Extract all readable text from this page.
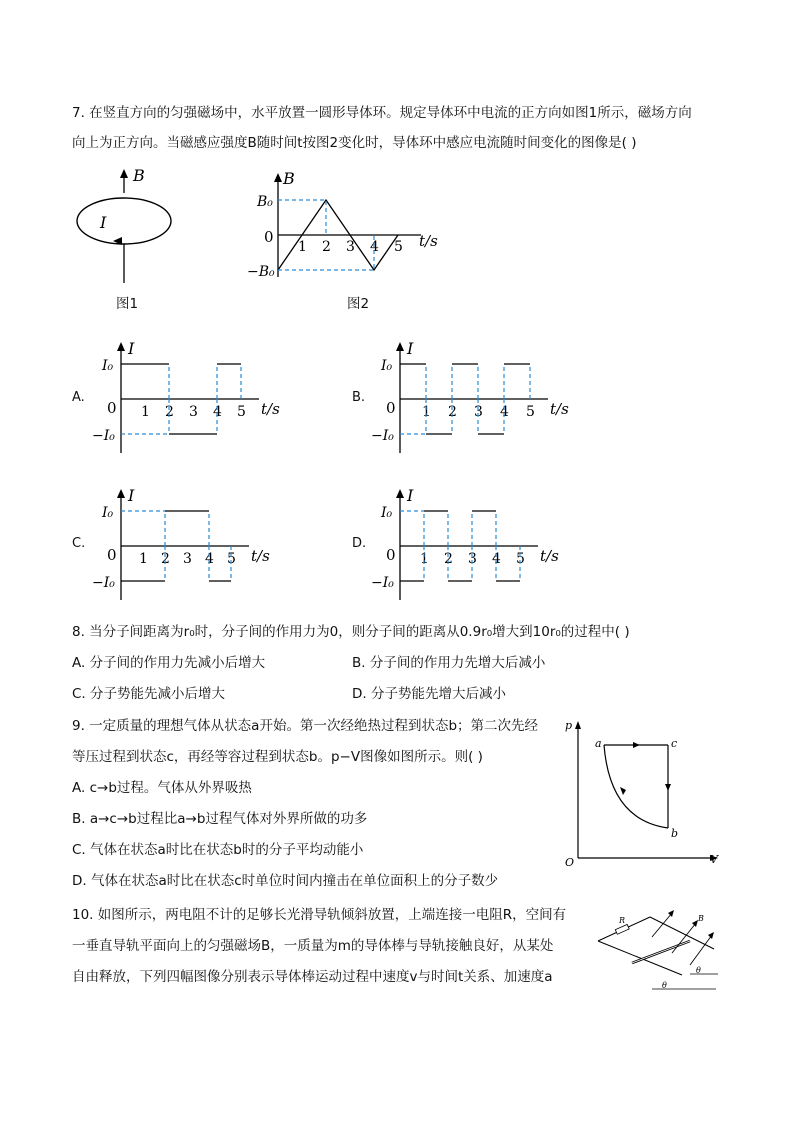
7. 在竖直方向的匀强磁场中，水平放置一圆形导体环。规定导体环中电流的正方向如图1所示，磁场方向
向上为正方向。当磁感应强度B随时间t按图2变化时，导体环中感应电流随时间变化的图像是( )
B
I
图1
B
t/s
B₀
0
−B₀
1 2 3 4 5
图2
A.
I
t/s
I₀
0
−I₀
1 2 3 4 5
B.
I
t/s
I₀
0
−I₀
1 2 3 4 5
C.
I
t/s
I₀
0
−I₀
1 2 3 4 5
D.
I
t/s
I₀
0
−I₀
1 2 3 4 5
8. 当分子间距离为r₀时，分子间的作用力为0，则分子间的距离从0.9r₀增大到10r₀的过程中( )
A. 分子间的作用力先减小后增大	B. 分子间的作用力先增大后减小
C. 分子势能先减小后增大	D. 分子势能先增大后减小
9. 一定质量的理想气体从状态a开始。第一次经绝热过程到状态b；第二次先经
等压过程到状态c，再经等容过程到状态b。p−V图像如图所示。则( )
A. c→b过程。气体从外界吸热
B. a→c→b过程比a→b过程气体对外界所做的功多
C. 气体在状态a时比在状态b时的分子平均动能小
D. 气体在状态a时比在状态c时单位时间内撞击在单位面积上的分子数少
p
V
O
a	c
b
10. 如图所示，两电阻不计的足够长光滑导轨倾斜放置，上端连接一电阻R，空间有
一垂直导轨平面向上的匀强磁场B，一质量为m的导体棒与导轨接触良好，从某处
自由释放，下列四幅图像分别表示导体棒运动过程中速度v与时间t关系、加速度a
R	B
θ
θ
